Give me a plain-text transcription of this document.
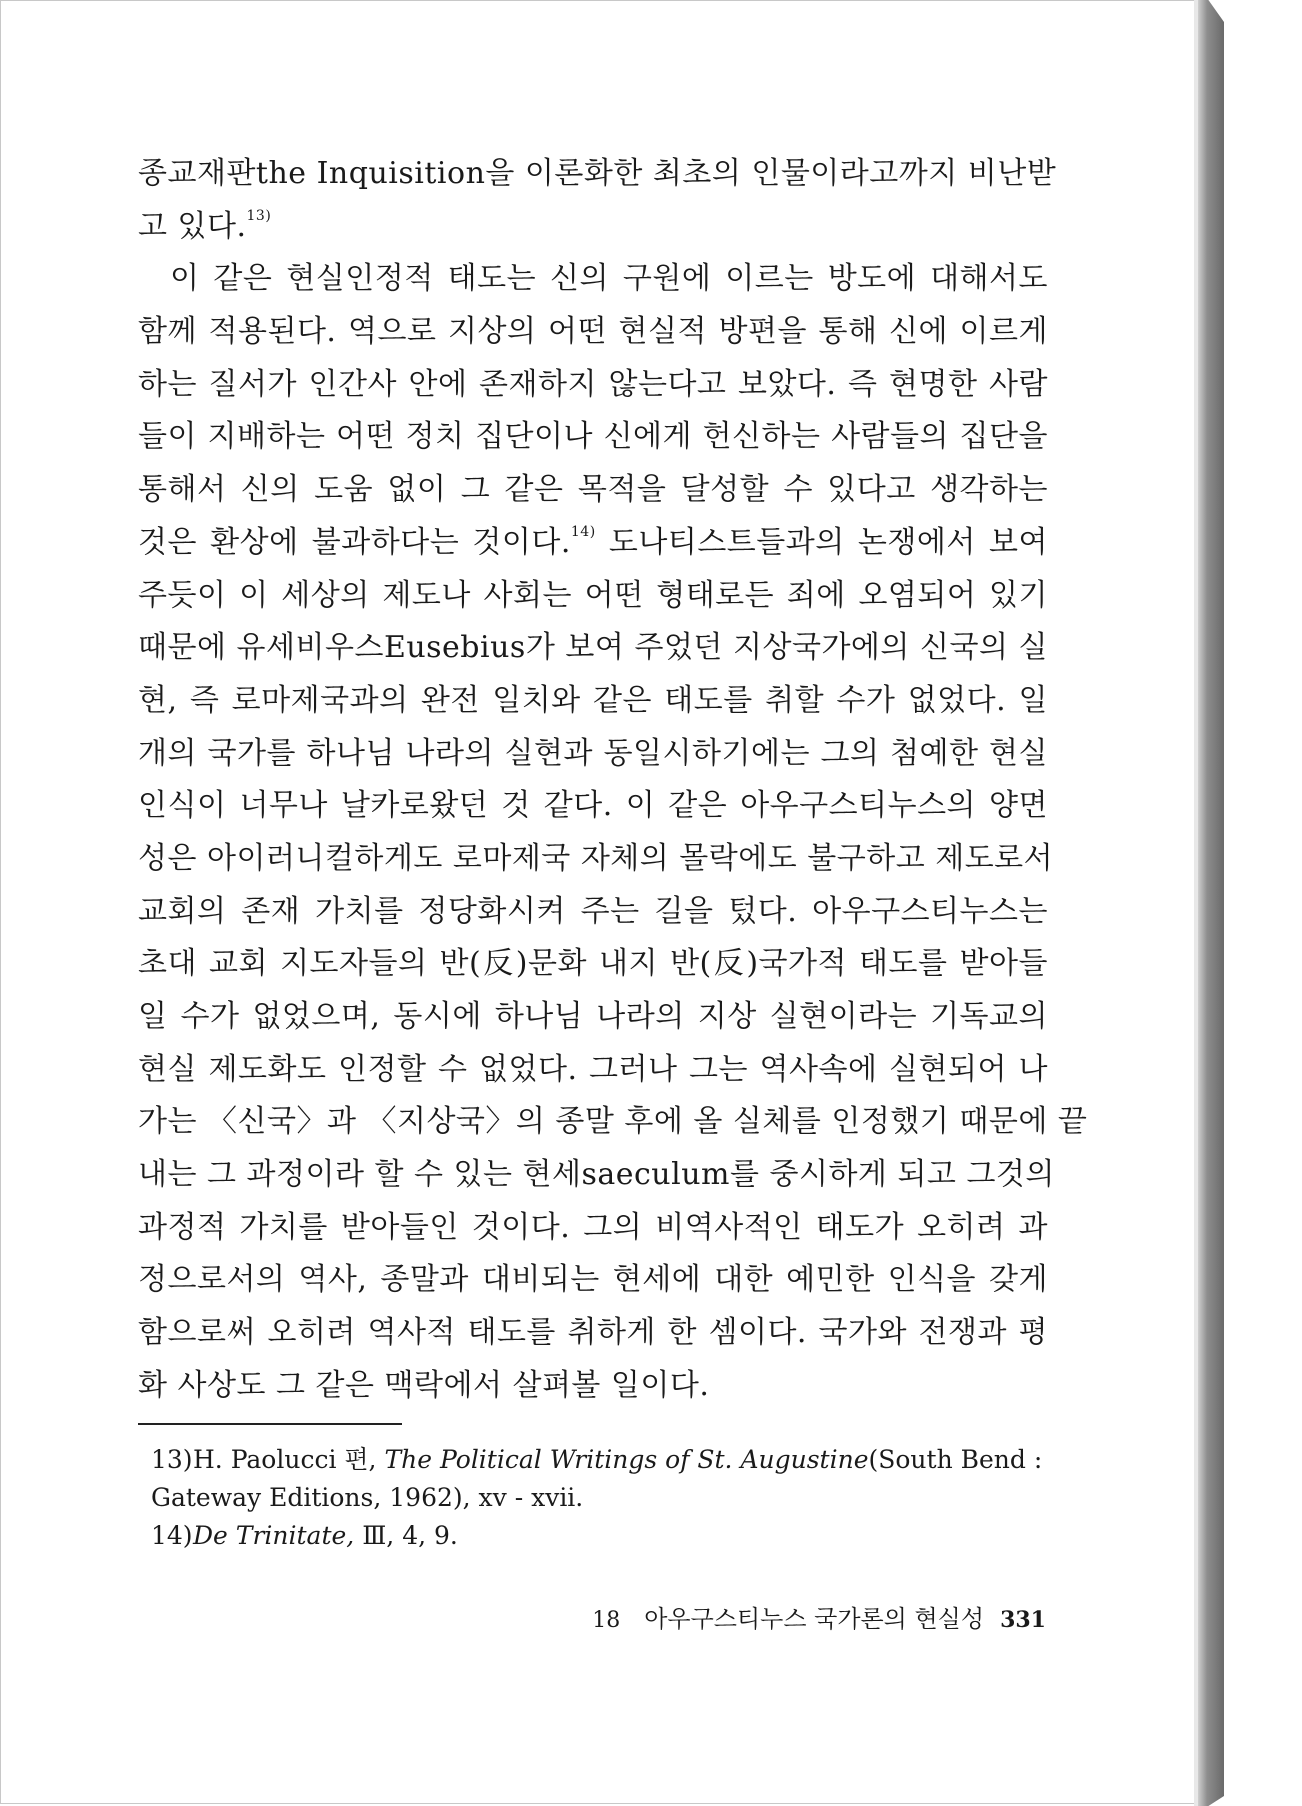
종교재판the Inquisition을 이론화한 최초의 인물이라고까지 비난받
고 있다.$^{13)}$
이 같은 현실인정적 태도는 신의 구원에 이르는 방도에 대해서도
함께 적용된다. 역으로 지상의 어떤 현실적 방편을 통해 신에 이르게
하는 질서가 인간사 안에 존재하지 않는다고 보았다. 즉 현명한 사람
들이 지배하는 어떤 정치 집단이나 신에게 헌신하는 사람들의 집단을
통해서 신의 도움 없이 그 같은 목적을 달성할 수 있다고 생각하는
것은 환상에 불과하다는 것이다.$^{14)}$ 도나티스트들과의 논쟁에서 보여
주듯이 이 세상의 제도나 사회는 어떤 형태로든 죄에 오염되어 있기
때문에 유세비우스Eusebius가 보여 주었던 지상국가에의 신국의 실
현, 즉 로마제국과의 완전 일치와 같은 태도를 취할 수가 없었다. 일
개의 국가를 하나님 나라의 실현과 동일시하기에는 그의 첨예한 현실
인식이 너무나 날카로왔던 것 같다. 이 같은 아우구스티누스의 양면
성은 아이러니컬하게도 로마제국 자체의 몰락에도 불구하고 제도로서
교회의 존재 가치를 정당화시켜 주는 길을 텄다. 아우구스티누스는
초대 교회 지도자들의 반(反)문화 내지 반(反)국가적 태도를 받아들
일 수가 없었으며, 동시에 하나님 나라의 지상 실현이라는 기독교의
현실 제도화도 인정할 수 없었다. 그러나 그는 역사속에 실현되어 나
가는 〈신국〉과 〈지상국〉의 종말 후에 올 실체를 인정했기 때문에 끝
내는 그 과정이라 할 수 있는 현세saeculum를 중시하게 되고 그것의
과정적 가치를 받아들인 것이다. 그의 비역사적인 태도가 오히려 과
정으로서의 역사, 종말과 대비되는 현세에 대한 예민한 인식을 갖게
함으로써 오히려 역사적 태도를 취하게 한 셈이다. 국가와 전쟁과 평
화 사상도 그 같은 맥락에서 살펴볼 일이다.
13)H. Paolucci 편, The Political Writings of St. Augustine(South Bend :
Gateway Editions, 1962), xv - xvii.
14)De Trinitate, Ⅲ, 4, 9.
18 아우구스티누스 국가론의 현실성 331
